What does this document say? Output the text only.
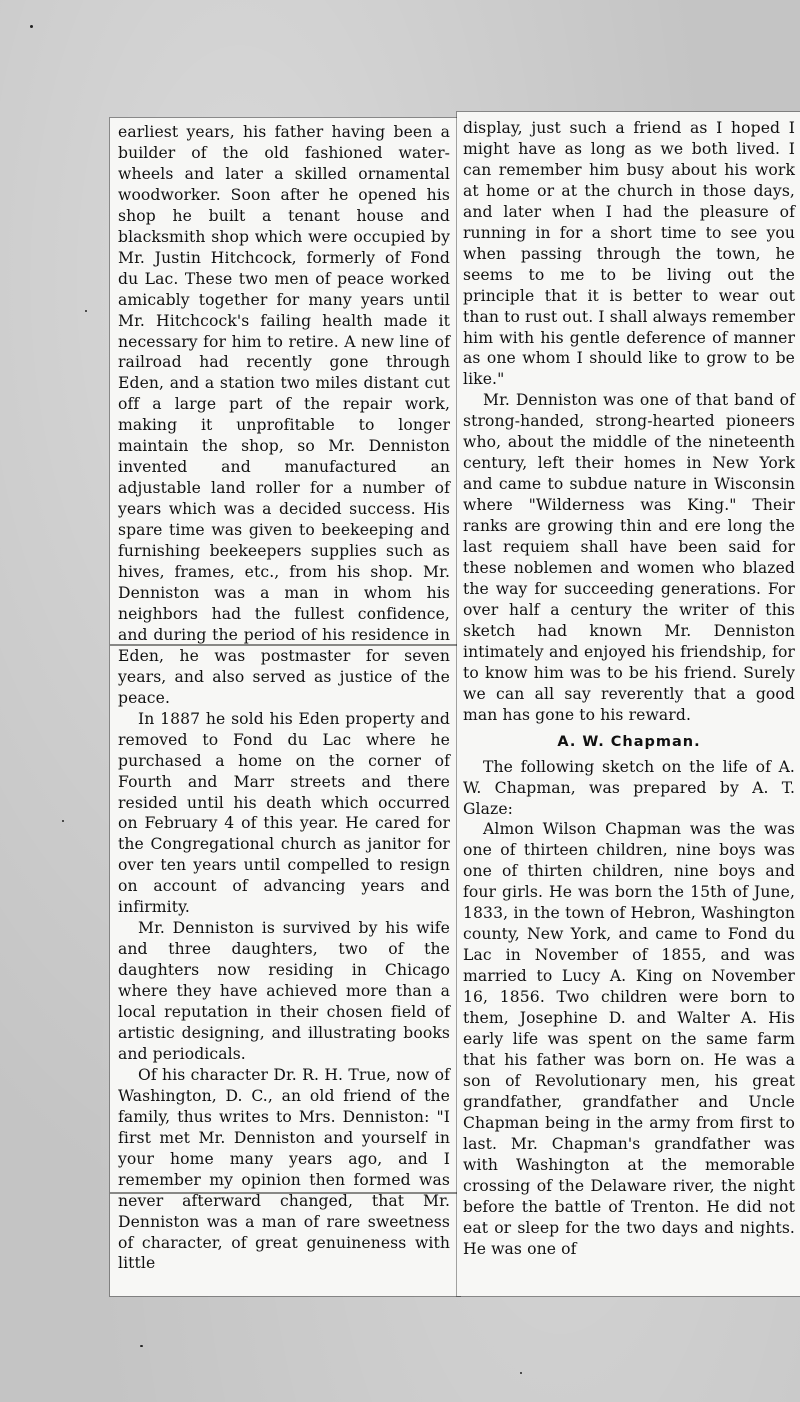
earliest years, his father having been a builder of the old fashioned water-wheels and later a skilled ornamental woodworker. Soon after he opened his shop he built a tenant house and blacksmith shop which were occupied by Mr. Justin Hitchcock, formerly of Fond du Lac. These two men of peace worked amicably together for many years until Mr. Hitchcock's failing health made it necessary for him to retire. A new line of railroad had recently gone through Eden, and a station two miles distant cut off a large part of the repair work, making it unprofitable to longer maintain the shop, so Mr. Denniston invented and manufactured an adjustable land roller for a number of years which was a decided success. His spare time was given to beekeeping and furnishing beekeepers supplies such as hives, frames, etc., from his shop. Mr. Denniston was a man in whom his neighbors had the fullest confidence, and during the period of his residence in Eden, he was postmaster for seven years, and also served as justice of the peace.

In 1887 he sold his Eden property and removed to Fond du Lac where he purchased a home on the corner of Fourth and Marr streets and there resided until his death which occurred on February 4 of this year. He cared for the Congregational church as janitor for over ten years until compelled to resign on account of advancing years and infirmity.

Mr. Denniston is survived by his wife and three daughters, two of the daughters now residing in Chicago where they have achieved more than a local reputation in their chosen field of artistic designing, and illustrating books and periodicals.

Of his character Dr. R. H. True, now of Washington, D. C., an old friend of the family, thus writes to Mrs. Denniston: "I first met Mr. Denniston and yourself in your home many years ago, and I remember my opinion then formed was never afterward changed, that Mr. Denniston was a man of rare sweetness of character, of great genuineness with little

display, just such a friend as I hoped I might have as long as we both lived. I can remember him busy about his work at home or at the church in those days, and later when I had the pleasure of running in for a short time to see you when passing through the town, he seems to me to be living out the principle that it is better to wear out than to rust out. I shall always remember him with his gentle deference of manner as one whom I should like to grow to be like."

Mr. Denniston was one of that band of strong-handed, strong-hearted pioneers who, about the middle of the nineteenth century, left their homes in New York and came to subdue nature in Wisconsin where "Wilderness was King." Their ranks are growing thin and ere long the last requiem shall have been said for these noblemen and women who blazed the way for succeeding generations. For over half a century the writer of this sketch had known Mr. Denniston intimately and enjoyed his friendship, for to know him was to be his friend. Surely we can all say reverently that a good man has gone to his reward.

A. W. Chapman.

The following sketch on the life of A. W. Chapman, was prepared by A. T. Glaze:

Almon Wilson Chapman was the was one of thirteen children, nine boys was one of thirten children, nine boys and four girls. He was born the 15th of June, 1833, in the town of Hebron, Washington county, New York, and came to Fond du Lac in November of 1855, and was married to Lucy A. King on November 16, 1856. Two children were born to them, Josephine D. and Walter A. His early life was spent on the same farm that his father was born on. He was a son of Revolutionary men, his great grandfather, grandfather and Uncle Chapman being in the army from first to last. Mr. Chapman's grandfather was with Washington at the memorable crossing of the Delaware river, the night before the battle of Trenton. He did not eat or sleep for the two days and nights. He was one of
